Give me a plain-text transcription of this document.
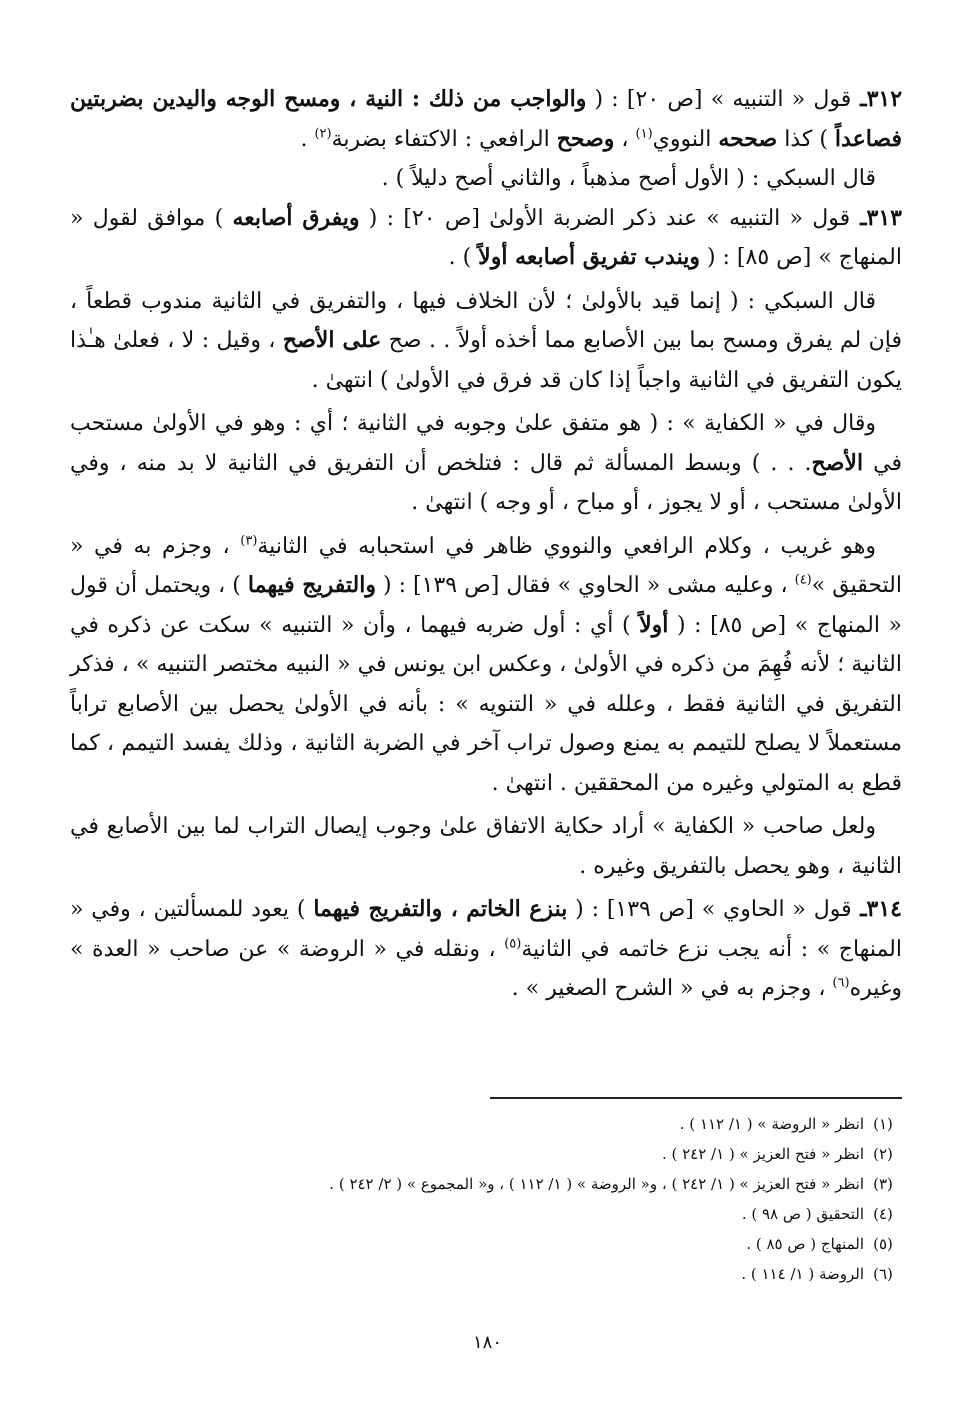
٣١٢ـ قول « التنبيه » [ص ٢٠] : ( والواجب من ذلك : النية ، ومسح الوجه واليدين بضربتين فصاعداً ) كذا صححه النووي$^{(١)}$ ، وصحح الرافعي : الاكتفاء بضربة$^{(٢)}$ .

قال السبكي : ( الأول أصح مذهباً ، والثاني أصح دليلاً ) .

٣١٣ـ قول « التنبيه » عند ذكر الضربة الأولىٰ [ص ٢٠] : ( ويفرق أصابعه ) موافق لقول « المنهاج » [ص ٨٥] : ( ويندب تفريق أصابعه أولاً ) .

قال السبكي : ( إنما قيد بالأولىٰ ؛ لأن الخلاف فيها ، والتفريق في الثانية مندوب قطعاً ، فإن لم يفرق ومسح بما بين الأصابع مما أخذه أولاً . . صح على الأصح ، وقيل : لا ، فعلىٰ هـٰذا يكون التفريق في الثانية واجباً إذا كان قد فرق في الأولىٰ ) انتهىٰ .

وقال في « الكفاية » : ( هو متفق علىٰ وجوبه في الثانية ؛ أي : وهو في الأولىٰ مستحب في الأصح. . . ) وبسط المسألة ثم قال : فتلخص أن التفريق في الثانية لا بد منه ، وفي الأولىٰ مستحب ، أو لا يجوز ، أو مباح ، أو وجه ) انتهىٰ .

وهو غريب ، وكلام الرافعي والنووي ظاهر في استحبابه في الثانية$^{(٣)}$ ، وجزم به في « التحقيق »$^{(٤)}$ ، وعليه مشى « الحاوي » فقال [ص ١٣٩] : ( والتفريج فيهما ) ، ويحتمل أن قول « المنهاج » [ص ٨٥] : ( أولاً ) أي : أول ضربه فيهما ، وأن « التنبيه » سكت عن ذكره في الثانية ؛ لأنه فُهِمَ من ذكره في الأولىٰ ، وعكس ابن يونس في « النبيه مختصر التنبيه » ، فذكر التفريق في الثانية فقط ، وعلله في « التنويه » : بأنه في الأولىٰ يحصل بين الأصابع تراباً مستعملاً لا يصلح للتيمم به يمنع وصول تراب آخر في الضربة الثانية ، وذلك يفسد التيمم ، كما قطع به المتولي وغيره من المحققين . انتهىٰ .

ولعل صاحب « الكفاية » أراد حكاية الاتفاق علىٰ وجوب إيصال التراب لما بين الأصابع في الثانية ، وهو يحصل بالتفريق وغيره .

٣١٤ـ قول « الحاوي » [ص ١٣٩] : ( بنزع الخاتم ، والتفريج فيهما ) يعود للمسألتين ، وفي « المنهاج » : أنه يجب نزع خاتمه في الثانية$^{(٥)}$ ، ونقله في « الروضة » عن صاحب « العدة » وغيره$^{(٦)}$ ، وجزم به في « الشرح الصغير » .

(١)
انظر « الروضة » ( ١/ ١١٢ ) .
(٢)
انظر « فتح العزيز » ( ١/ ٢٤٢ ) .
(٣)
انظر « فتح العزيز » ( ١/ ٢٤٢ ) ، و« الروضة » ( ١/ ١١٢ ) ، و« المجموع » ( ٢/ ٢٤٢ ) .
(٤)
التحقيق ( ص ٩٨ ) .
(٥)
المنهاج ( ص ٨٥ ) .
(٦)
الروضة ( ١/ ١١٤ ) .
١٨٠
